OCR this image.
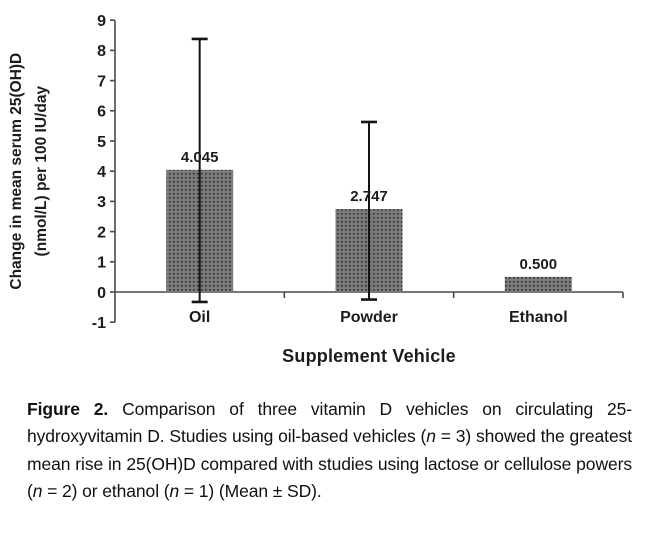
9
8
7
6
5
4
3
2
1
0
-1
4.045
Oil
2.747
Powder
0.500
Ethanol
Supplement Vehicle
Change in mean serum 25(OH)D (nmol/L) per 100 IU/day

Figure 2. Comparison of three vitamin D vehicles on circulating 25-hydroxyvitamin D. Studies using oil-based vehicles (n = 3) showed the greatest mean rise in 25(OH)D compared with studies using lactose or cellulose powers (n = 2) or ethanol (n = 1) (Mean ± SD).
